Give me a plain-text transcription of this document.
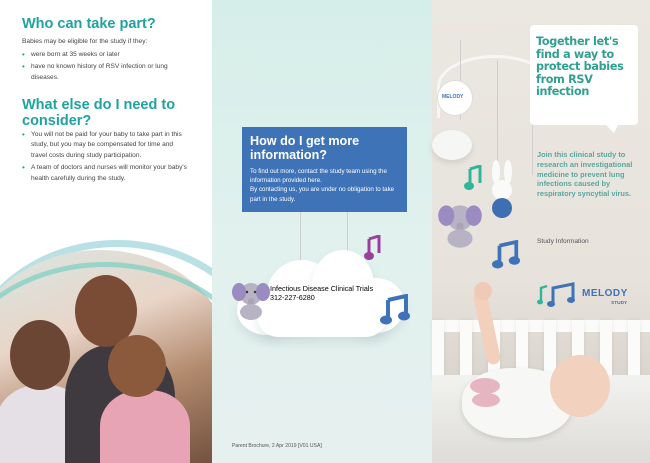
Who can take part?
Babies may be eligible for the study if they:
• were born at 35 weeks or later
• have no known history of RSV infection or lung diseases.
What else do I need to consider?
• You will not be paid for your baby to take part in this study, but you may be compensated for time and travel costs during study participation.
• A team of doctors and nurses will monitor your baby's health carefully during the study.
How do I get more information?

To find out more, contact the study team using the information provided here.

By contacting us, you are under no obligation to take part in the study.

Infectious Disease Clinical Trials
312-227-6280
Parent Brochure, 2 Apr 2019 [V01 USA]
MELODY
Together let's find a way to protect babies from RSV infection
Join this clinical study to research an investigational medicine to prevent lung infections caused by respiratory syncytial virus.
Study Information
MELODY
STUDY
